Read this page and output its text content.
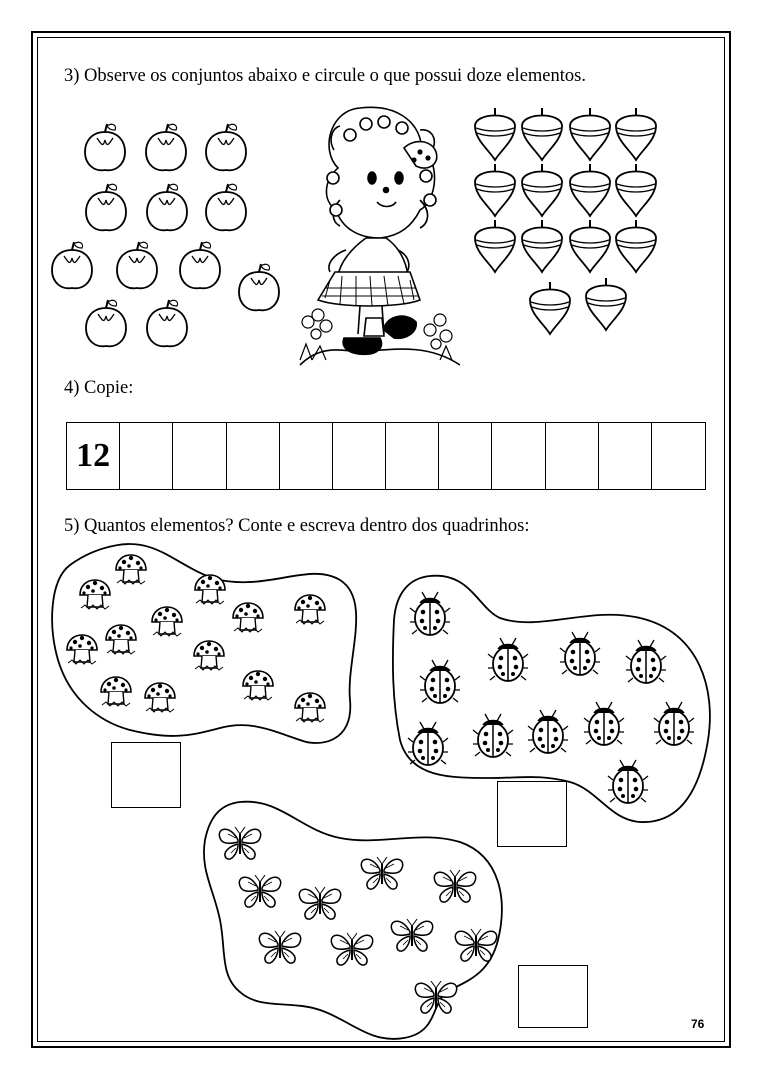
3) Observe os conjuntos abaixo e circule o que possui doze elementos.
4) Copie:
5) Quantos elementos? Conte e escreva dentro dos quadrinhos:
12
76
